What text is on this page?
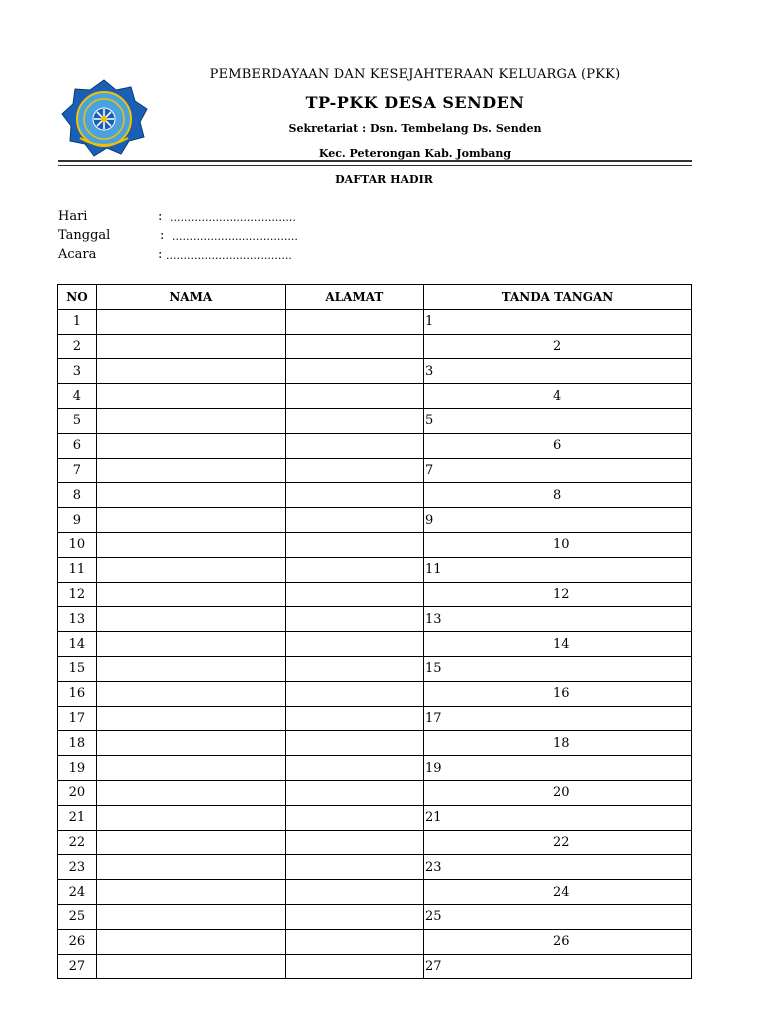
PEMBERDAYAAN DAN KESEJAHTERAAN KELUARGA (PKK)
TP-PKK DESA SENDEN
Sekretariat : Dsn. Tembelang Ds. Senden
Kec. Peterongan Kab. Jombang
DAFTAR HADIR
Hari	: ....................................
Tanggal	: ....................................
Acara	: ....................................
NO	NAMA	ALAMAT	TANDA TANGAN
1			1
2			2
3			3
4			4
5			5
6			6
7			7
8			8
9			9
10			10
11			11
12			12
13			13
14			14
15			15
16			16
17			17
18			18
19			19
20			20
21			21
22			22
23			23
24			24
25			25
26			26
27			27
